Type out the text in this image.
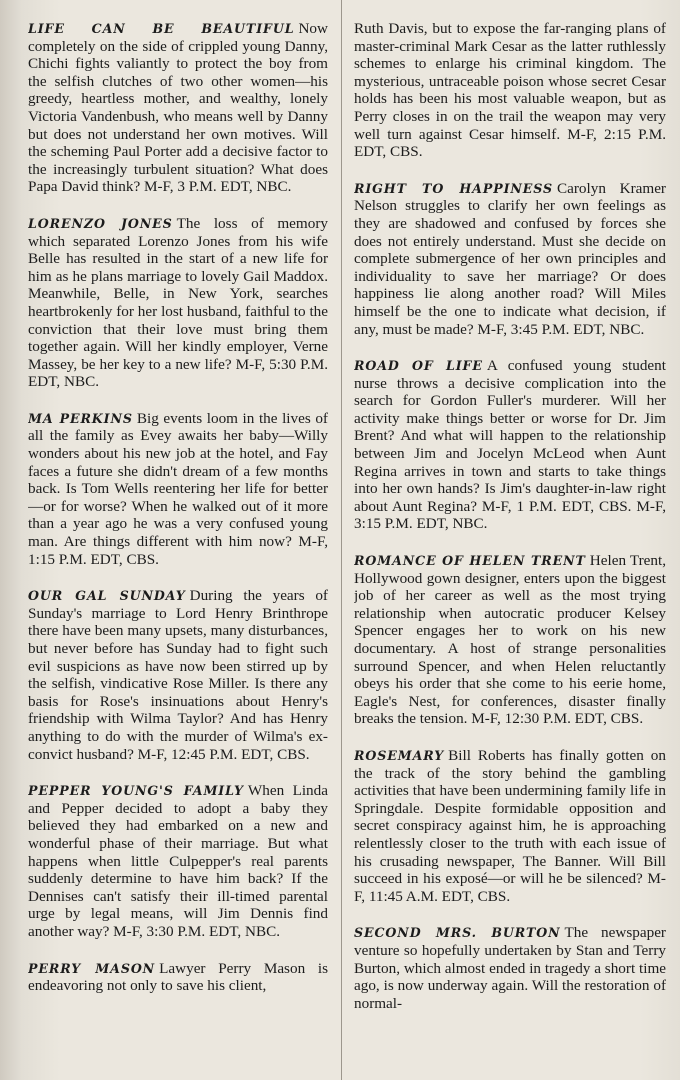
LIFE CAN BE BEAUTIFUL Now completely on the side of crippled young Danny, Chichi fights valiantly to protect the boy from the selfish clutches of two other women—his greedy, heartless mother, and wealthy, lonely Victoria Vandenbush, who means well by Danny but does not understand her own motives. Will the scheming Paul Porter add a decisive factor to the increasingly turbulent situation? What does Papa David think? M-F, 3 P.M. EDT, NBC.

LORENZO JONES The loss of memory which separated Lorenzo Jones from his wife Belle has resulted in the start of a new life for him as he plans marriage to lovely Gail Maddox. Meanwhile, Belle, in New York, searches heartbrokenly for her lost husband, faithful to the conviction that their love must bring them together again. Will her kindly employer, Verne Massey, be her key to a new life? M-F, 5:30 P.M. EDT, NBC.

MA PERKINS Big events loom in the lives of all the family as Evey awaits her baby—Willy wonders about his new job at the hotel, and Fay faces a future she didn't dream of a few months back. Is Tom Wells reentering her life for better—or for worse? When he walked out of it more than a year ago he was a very confused young man. Are things different with him now? M-F, 1:15 P.M. EDT, CBS.

OUR GAL SUNDAY During the years of Sunday's marriage to Lord Henry Brinthrope there have been many upsets, many disturbances, but never before has Sunday had to fight such evil suspicions as have now been stirred up by the selfish, vindicative Rose Miller. Is there any basis for Rose's insinuations about Henry's friendship with Wilma Taylor? And has Henry anything to do with the murder of Wilma's ex-convict husband? M-F, 12:45 P.M. EDT, CBS.

PEPPER YOUNG'S FAMILY When Linda and Pepper decided to adopt a baby they believed they had embarked on a new and wonderful phase of their marriage. But what happens when little Culpepper's real parents suddenly determine to have him back? If the Dennises can't satisfy their ill-timed parental urge by legal means, will Jim Dennis find another way? M-F, 3:30 P.M. EDT, NBC.

PERRY MASON Lawyer Perry Mason is endeavoring not only to save his client,

Ruth Davis, but to expose the far-ranging plans of master-criminal Mark Cesar as the latter ruthlessly schemes to enlarge his criminal kingdom. The mysterious, untraceable poison whose secret Cesar holds has been his most valuable weapon, but as Perry closes in on the trail the weapon may very well turn against Cesar himself. M-F, 2:15 P.M. EDT, CBS.

RIGHT TO HAPPINESS Carolyn Kramer Nelson struggles to clarify her own feelings as they are shadowed and confused by forces she does not entirely understand. Must she decide on complete submergence of her own principles and individuality to save her marriage? Or does happiness lie along another road? Will Miles himself be the one to indicate what decision, if any, must be made? M-F, 3:45 P.M. EDT, NBC.

ROAD OF LIFE A confused young student nurse throws a decisive complication into the search for Gordon Fuller's murderer. Will her activity make things better or worse for Dr. Jim Brent? And what will happen to the relationship between Jim and Jocelyn McLeod when Aunt Regina arrives in town and starts to take things into her own hands? Is Jim's daughter-in-law right about Aunt Regina? M-F, 1 P.M. EDT, CBS. M-F, 3:15 P.M. EDT, NBC.

ROMANCE OF HELEN TRENT Helen Trent, Hollywood gown designer, enters upon the biggest job of her career as well as the most trying relationship when autocratic producer Kelsey Spencer engages her to work on his new documentary. A host of strange personalities surround Spencer, and when Helen reluctantly obeys his order that she come to his eerie home, Eagle's Nest, for conferences, disaster finally breaks the tension. M-F, 12:30 P.M. EDT, CBS.

ROSEMARY Bill Roberts has finally gotten on the track of the story behind the gambling activities that have been undermining family life in Springdale. Despite formidable opposition and secret conspiracy against him, he is approaching relentlessly closer to the truth with each issue of his crusading newspaper, The Banner. Will Bill succeed in his exposé—or will he be silenced? M-F, 11:45 A.M. EDT, CBS.

SECOND MRS. BURTON The newspaper venture so hopefully undertaken by Stan and Terry Burton, which almost ended in tragedy a short time ago, is now underway again. Will the restoration of normal-
